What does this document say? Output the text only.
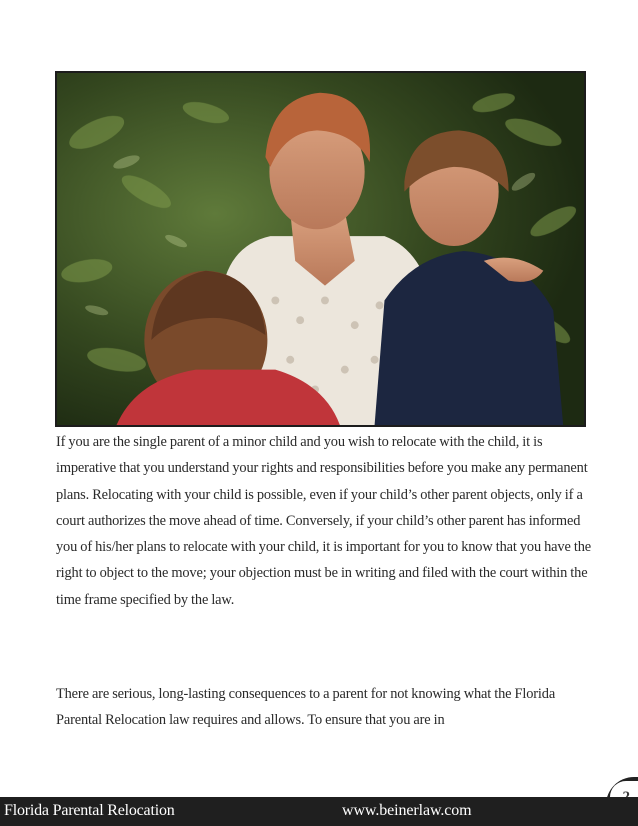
If you are the single parent of a minor child and you wish to relocate with the child, it is imperative that you understand your rights and responsibilities before you make any permanent plans. Relocating with your child is possible, even if your child’s other parent objects, only if a court authorizes the move ahead of time. Conversely, if your child’s other parent has informed you of his/her plans to relocate with your child, it is important for you to know that you have the right to object to the move; your objection must be in writing and filed with the court within the time frame specified by the law.

There are serious, long-lasting consequences to a parent for not knowing what the Florida Parental Relocation law requires and allows. To ensure that you are in

Florida Parental Relocation	www.beinerlaw.com
